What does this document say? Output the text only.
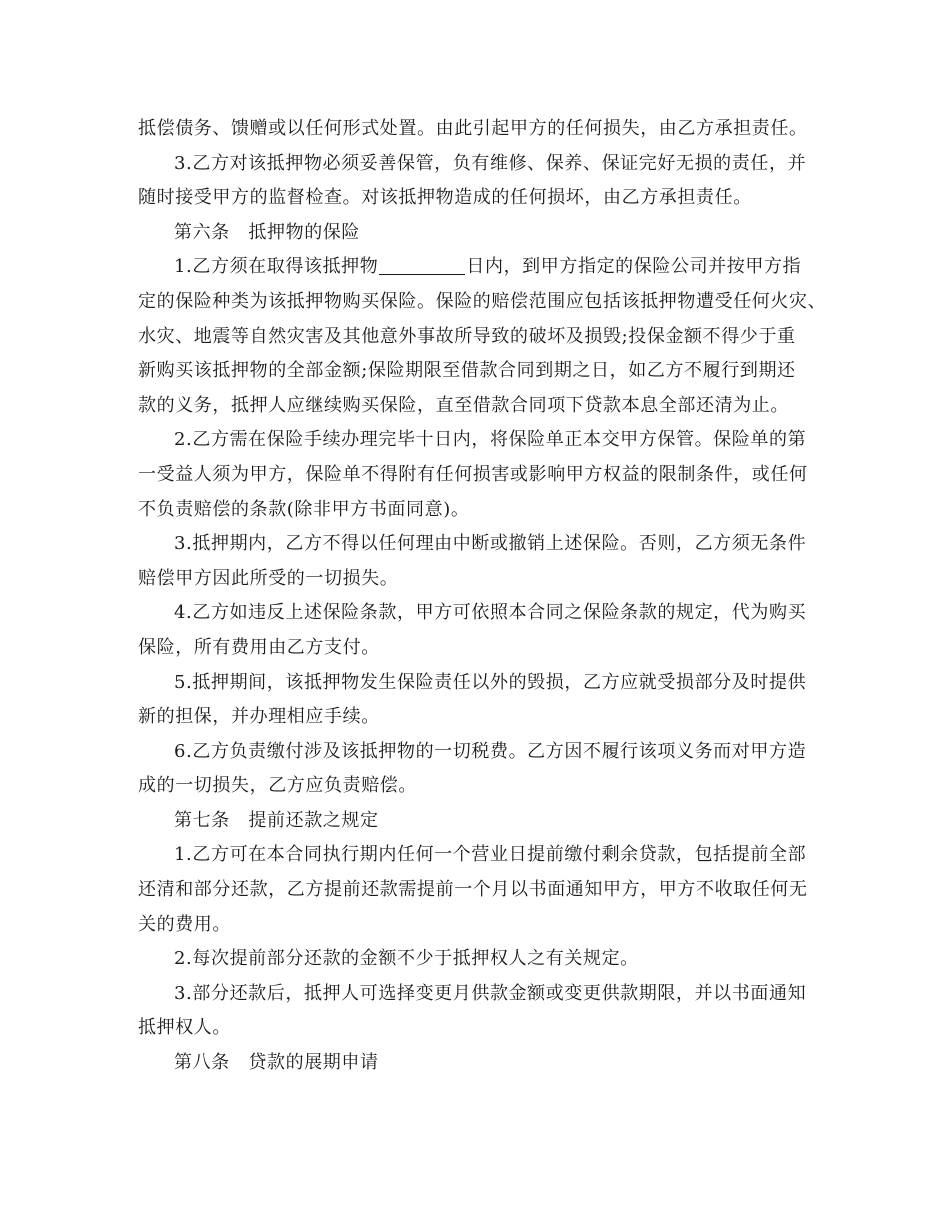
抵偿债务、馈赠或以任何形式处置。由此引起甲方的任何损失，由乙方承担责任。
3.乙方对该抵押物必须妥善保管，负有维修、保养、保证完好无损的责任，并
随时接受甲方的监督检查。对该抵押物造成的任何损坏，由乙方承担责任。
第六条　抵押物的保险
1.乙方须在取得该抵押物	日内，到甲方指定的保险公司并按甲方指
定的保险种类为该抵押物购买保险。保险的赔偿范围应包括该抵押物遭受任何火灾、
水灾、地震等自然灾害及其他意外事故所导致的破坏及损毁;投保金额不得少于重
新购买该抵押物的全部金额;保险期限至借款合同到期之日，如乙方不履行到期还
款的义务，抵押人应继续购买保险，直至借款合同项下贷款本息全部还清为止。
2.乙方需在保险手续办理完毕十日内，将保险单正本交甲方保管。保险单的第
一受益人须为甲方，保险单不得附有任何损害或影响甲方权益的限制条件，或任何
不负责赔偿的条款(除非甲方书面同意)。
3.抵押期内，乙方不得以任何理由中断或撤销上述保险。否则，乙方须无条件
赔偿甲方因此所受的一切损失。
4.乙方如违反上述保险条款，甲方可依照本合同之保险条款的规定，代为购买
保险，所有费用由乙方支付。
5.抵押期间，该抵押物发生保险责任以外的毁损，乙方应就受损部分及时提供
新的担保，并办理相应手续。
6.乙方负责缴付涉及该抵押物的一切税费。乙方因不履行该项义务而对甲方造
成的一切损失，乙方应负责赔偿。
第七条　提前还款之规定
1.乙方可在本合同执行期内任何一个营业日提前缴付剩余贷款，包括提前全部
还清和部分还款，乙方提前还款需提前一个月以书面通知甲方，甲方不收取任何无
关的费用。
2.每次提前部分还款的金额不少于抵押权人之有关规定。
3.部分还款后，抵押人可选择变更月供款金额或变更供款期限，并以书面通知
抵押权人。
第八条　贷款的展期申请
